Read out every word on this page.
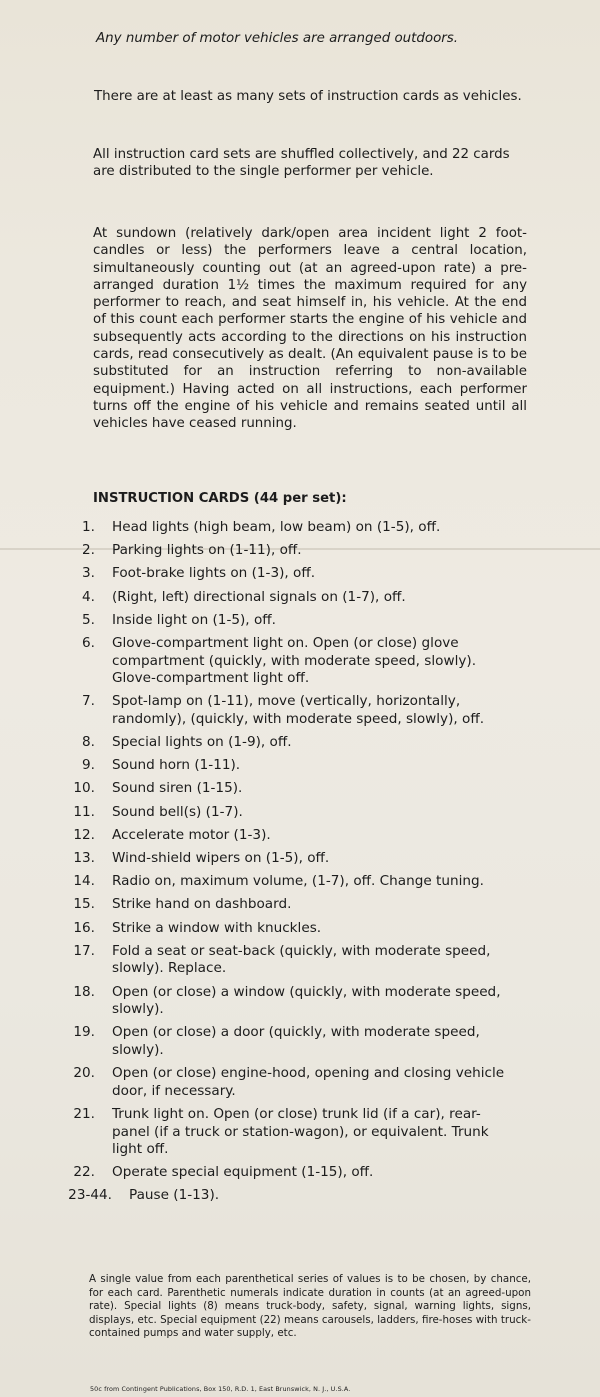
Any number of motor vehicles are arranged outdoors.

There are at least as many sets of instruction cards as vehicles.

All instruction card sets are shuffled collectively, and 22 cards are distributed to the single performer per vehicle.

At sundown (relatively dark/open area incident light 2 foot-candles or less) the performers leave a central location, simultaneously counting out (at an agreed-upon rate) a pre-arranged duration 1½ times the maximum required for any performer to reach, and seat himself in, his vehicle. At the end of this count each performer starts the engine of his vehicle and subsequently acts according to the directions on his instruction cards, read consecutively as dealt. (An equivalent pause is to be substituted for an instruction referring to non-available equipment.) Having acted on all instructions, each performer turns off the engine of his vehicle and remains seated until all vehicles have ceased running.

INSTRUCTION CARDS (44 per set):
1.	Head lights (high beam, low beam) on (1-5), off.
2.	Parking lights on (1-11), off.
3.	Foot-brake lights on (1-3), off.
4.	(Right, left) directional signals on (1-7), off.
5.	Inside light on (1-5), off.
6.	Glove-compartment light on. Open (or close) glove compartment (quickly, with moderate speed, slowly). Glove-compartment light off.
7.	Spot-lamp on (1-11), move (vertically, horizontally, randomly), (quickly, with moderate speed, slowly), off.
8.	Special lights on (1-9), off.
9.	Sound horn (1-11).
10.	Sound siren (1-15).
11.	Sound bell(s) (1-7).
12.	Accelerate motor (1-3).
13.	Wind-shield wipers on (1-5), off.
14.	Radio on, maximum volume, (1-7), off. Change tuning.
15.	Strike hand on dashboard.
16.	Strike a window with knuckles.
17.	Fold a seat or seat-back (quickly, with moderate speed, slowly). Replace.
18.	Open (or close) a window (quickly, with moderate speed, slowly).
19.	Open (or close) a door (quickly, with moderate speed, slowly).
20.	Open (or close) engine-hood, opening and closing vehicle door, if necessary.
21.	Trunk light on. Open (or close) trunk lid (if a car), rear-panel (if a truck or station-wagon), or equivalent. Trunk light off.
22.	Operate special equipment (1-15), off.
23-44.	Pause (1-13).

A single value from each parenthetical series of values is to be chosen, by chance, for each card. Parenthetic numerals indicate duration in counts (at an agreed-upon rate). Special lights (8) means truck-body, safety, signal, warning lights, signs, displays, etc. Special equipment (22) means carousels, ladders, fire-hoses with truck-contained pumps and water supply, etc.

50c from Contingent Publications, Box 150, R.D. 1, East Brunswick, N. J., U.S.A.
